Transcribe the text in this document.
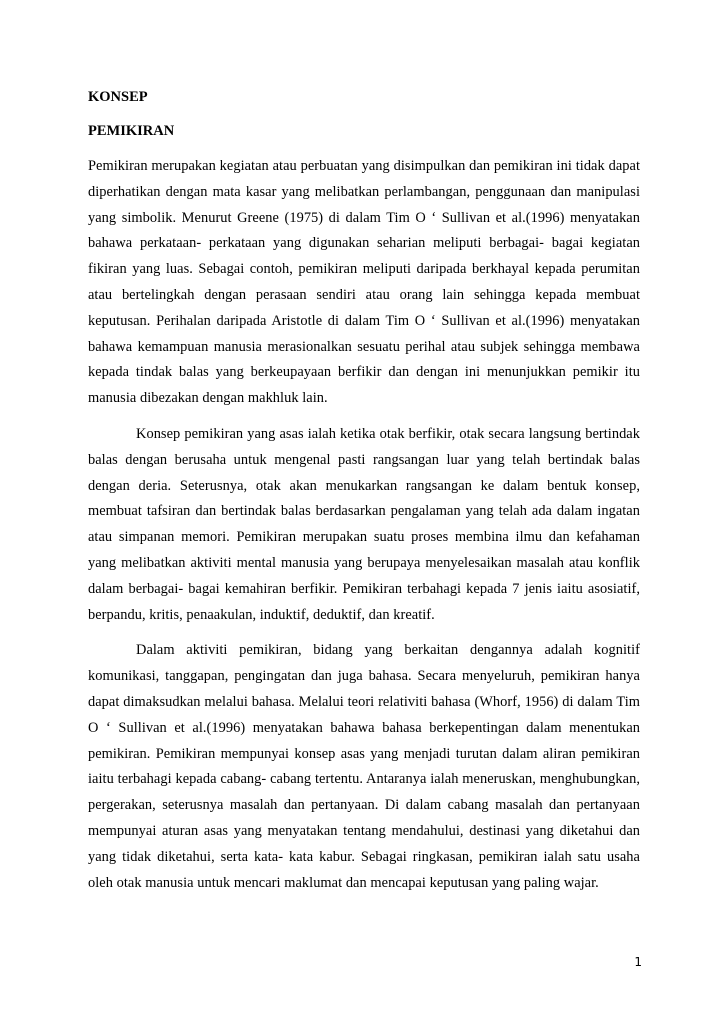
KONSEP

PEMIKIRAN

Pemikiran merupakan kegiatan atau perbuatan yang disimpulkan dan pemikiran ini tidak dapat diperhatikan dengan mata kasar yang melibatkan perlambangan, penggunaan dan manipulasi yang simbolik. Menurut Greene (1975) di dalam Tim O ‘ Sullivan et al.(1996) menyatakan bahawa perkataan- perkataan yang digunakan seharian meliputi berbagai- bagai kegiatan fikiran yang luas. Sebagai contoh, pemikiran meliputi daripada berkhayal kepada perumitan atau bertelingkah dengan perasaan sendiri atau orang lain sehingga kepada membuat keputusan. Perihalan daripada Aristotle di dalam Tim O ‘ Sullivan et al.(1996) menyatakan bahawa kemampuan manusia merasionalkan sesuatu perihal atau subjek sehingga membawa kepada tindak balas yang berkeupayaan berfikir dan dengan ini menunjukkan pemikir itu manusia dibezakan dengan makhluk lain.

Konsep pemikiran yang asas ialah ketika otak berfikir, otak secara langsung bertindak balas dengan berusaha untuk mengenal pasti rangsangan luar yang telah bertindak balas dengan deria. Seterusnya, otak akan menukarkan rangsangan ke dalam bentuk konsep, membuat tafsiran dan bertindak balas berdasarkan pengalaman yang telah ada dalam ingatan atau simpanan memori. Pemikiran merupakan suatu proses membina ilmu dan kefahaman yang melibatkan aktiviti mental manusia yang berupaya menyelesaikan masalah atau konflik dalam berbagai- bagai kemahiran berfikir. Pemikiran terbahagi kepada 7 jenis iaitu asosiatif, berpandu, kritis, penaakulan, induktif, deduktif, dan kreatif.

Dalam aktiviti pemikiran, bidang yang berkaitan dengannya adalah kognitif komunikasi, tanggapan, pengingatan dan juga bahasa. Secara menyeluruh, pemikiran hanya dapat dimaksudkan melalui bahasa. Melalui teori relativiti bahasa (Whorf, 1956) di dalam Tim O ‘ Sullivan et al.(1996) menyatakan bahawa bahasa berkepentingan dalam menentukan pemikiran. Pemikiran mempunyai konsep asas yang menjadi turutan dalam aliran pemikiran iaitu terbahagi kepada cabang- cabang tertentu. Antaranya ialah meneruskan, menghubungkan, pergerakan, seterusnya masalah dan pertanyaan. Di dalam cabang masalah dan pertanyaan mempunyai aturan asas yang menyatakan tentang mendahului, destinasi yang diketahui dan yang tidak diketahui, serta kata- kata kabur. Sebagai ringkasan, pemikiran ialah satu usaha oleh otak manusia untuk mencari maklumat dan mencapai keputusan yang paling wajar.

1
